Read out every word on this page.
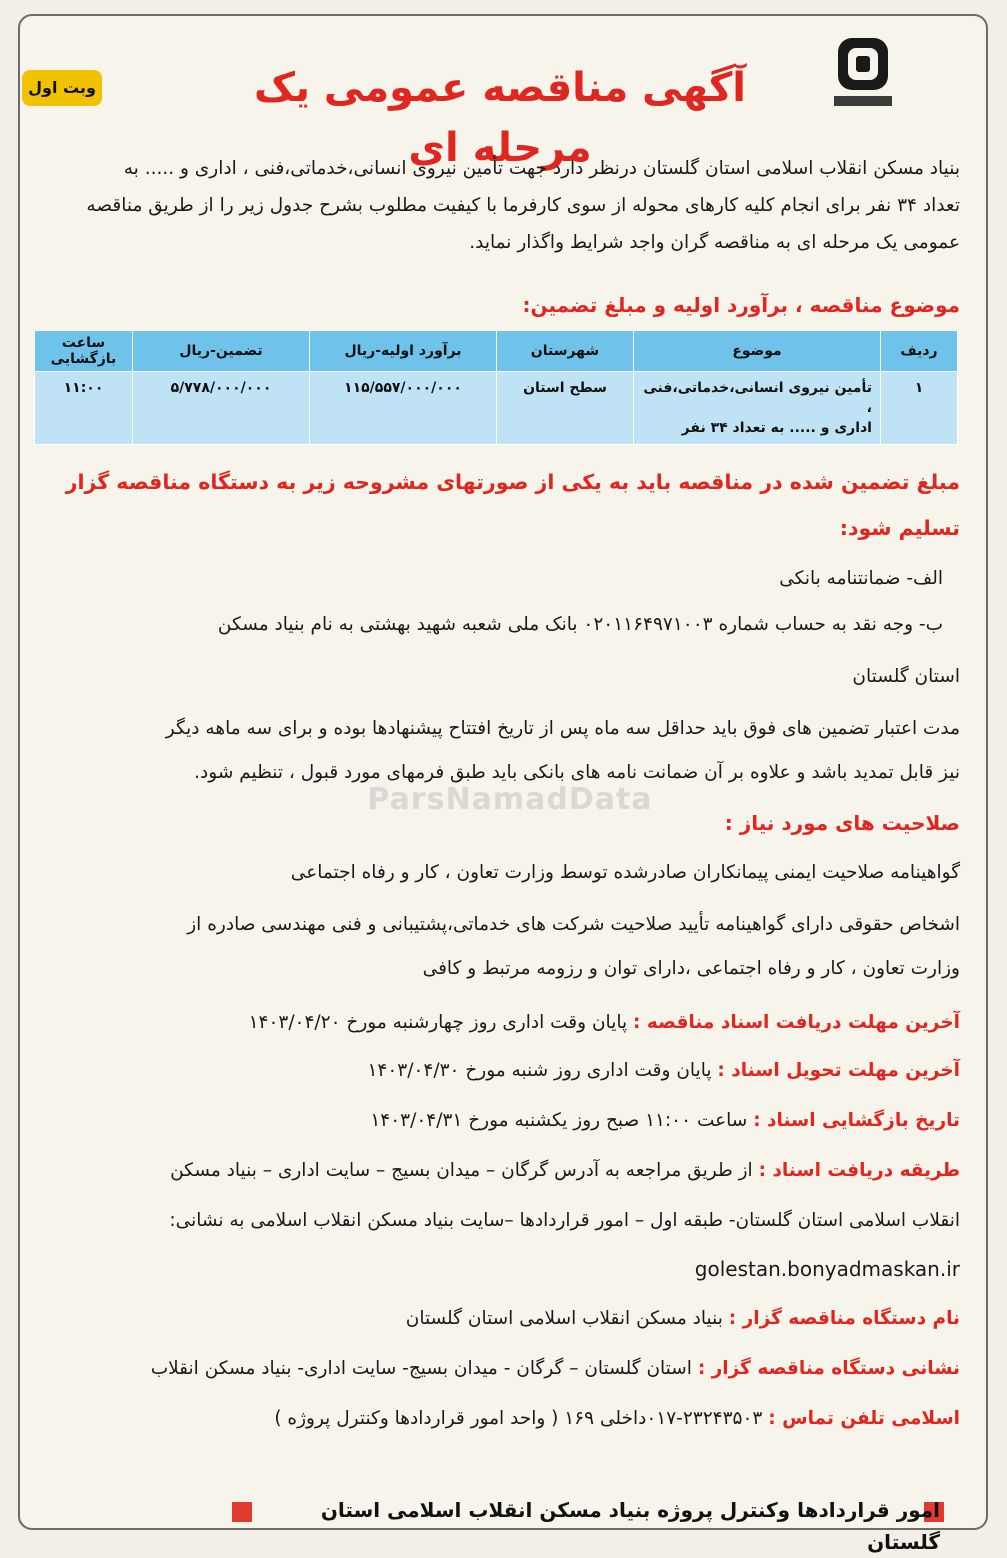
وبت اول	آگهی مناقصه عمومی یک مرحله ای
بنیاد مسکن انقلاب اسلامی استان گلستان درنظر دارد جهت تأمین نیروی انسانی،خدماتی،فنی ، اداری و ..... به
تعداد ۳۴ نفر برای انجام کلیه کارهای محوله از سوی کارفرما با کیفیت مطلوب بشرح جدول زیر را از طریق مناقصه
عمومی یک مرحله ای به مناقصه گران واجد شرایط واگذار نماید.
موضوع مناقصه ، برآورد اولیه و مبلغ تضمین:
ردیف	موضوع	شهرستان	برآورد اولیه-ریال	تضمین-ریال	ساعت بازگشایی
۱	تأمین نیروی انسانی،خدماتی،فنی ،
اداری و ..... به تعداد ۳۴ نفر	سطح استان	۱۱۵/۵۵۷/۰۰۰/۰۰۰	۵/۷۷۸/۰۰۰/۰۰۰	۱۱:۰۰
مبلغ تضمین شده در مناقصه باید به یکی از صورتهای مشروحه زیر به دستگاه مناقصه گزار
تسلیم شود:
الف- ضمانتنامه بانکی
ب- وجه نقد به حساب شماره ۰۲۰۱۱۶۴۹۷۱۰۰۳ بانک ملی شعبه شهید بهشتی به نام بنیاد مسکن
استان گلستان
مدت اعتبار تضمین های فوق باید حداقل سه ماه پس از تاریخ افتتاح پیشنهادها بوده و برای سه ماهه دیگر
نیز قابل تمدید باشد و علاوه بر آن ضمانت نامه های بانکی باید طبق فرمهای مورد قبول ، تنظیم شود.
ParsNamadData
صلاحیت های مورد نیاز :
گواهینامه صلاحیت ایمنی پیمانکاران صادرشده توسط وزارت تعاون ، کار و رفاه اجتماعی
اشخاص حقوقی دارای گواهینامه تأیید صلاحیت شرکت های خدماتی،پشتیبانی و فنی مهندسی صادره از
وزارت تعاون ، کار و رفاه اجتماعی ،دارای توان و رزومه مرتبط و کافی
آخرین مهلت دریافت اسناد مناقصه : پایان وقت اداری روز چهارشنبه مورخ ۱۴۰۳/۰۴/۲۰
آخرین مهلت تحویل اسناد : پایان وقت اداری روز شنبه مورخ ۱۴۰۳/۰۴/۳۰
تاریخ بازگشایی اسناد : ساعت ۱۱:۰۰ صبح روز یکشنبه مورخ ۱۴۰۳/۰۴/۳۱
طریقه دریافت اسناد : از طریق مراجعه به آدرس گرگان – میدان بسیج – سایت اداری – بنیاد مسکن
انقلاب اسلامی استان گلستان- طبقه اول – امور قراردادها –سایت بنیاد مسکن انقلاب اسلامی به نشانی:
golestan.bonyadmaskan.ir
نام دستگاه مناقصه گزار : بنیاد مسکن انقلاب اسلامی استان گلستان
نشانی دستگاه مناقصه گزار : استان گلستان – گرگان - میدان بسیج- سایت اداری- بنیاد مسکن انقلاب
اسلامی تلفن تماس : ۲۳۲۴۳۵۰۳-۰۱۷داخلی ۱۶۹ ( واحد امور قراردادها وکنترل پروژه )
امور قراردادها وکنترل پروژه بنیاد مسکن انقلاب اسلامی استان گلستان
